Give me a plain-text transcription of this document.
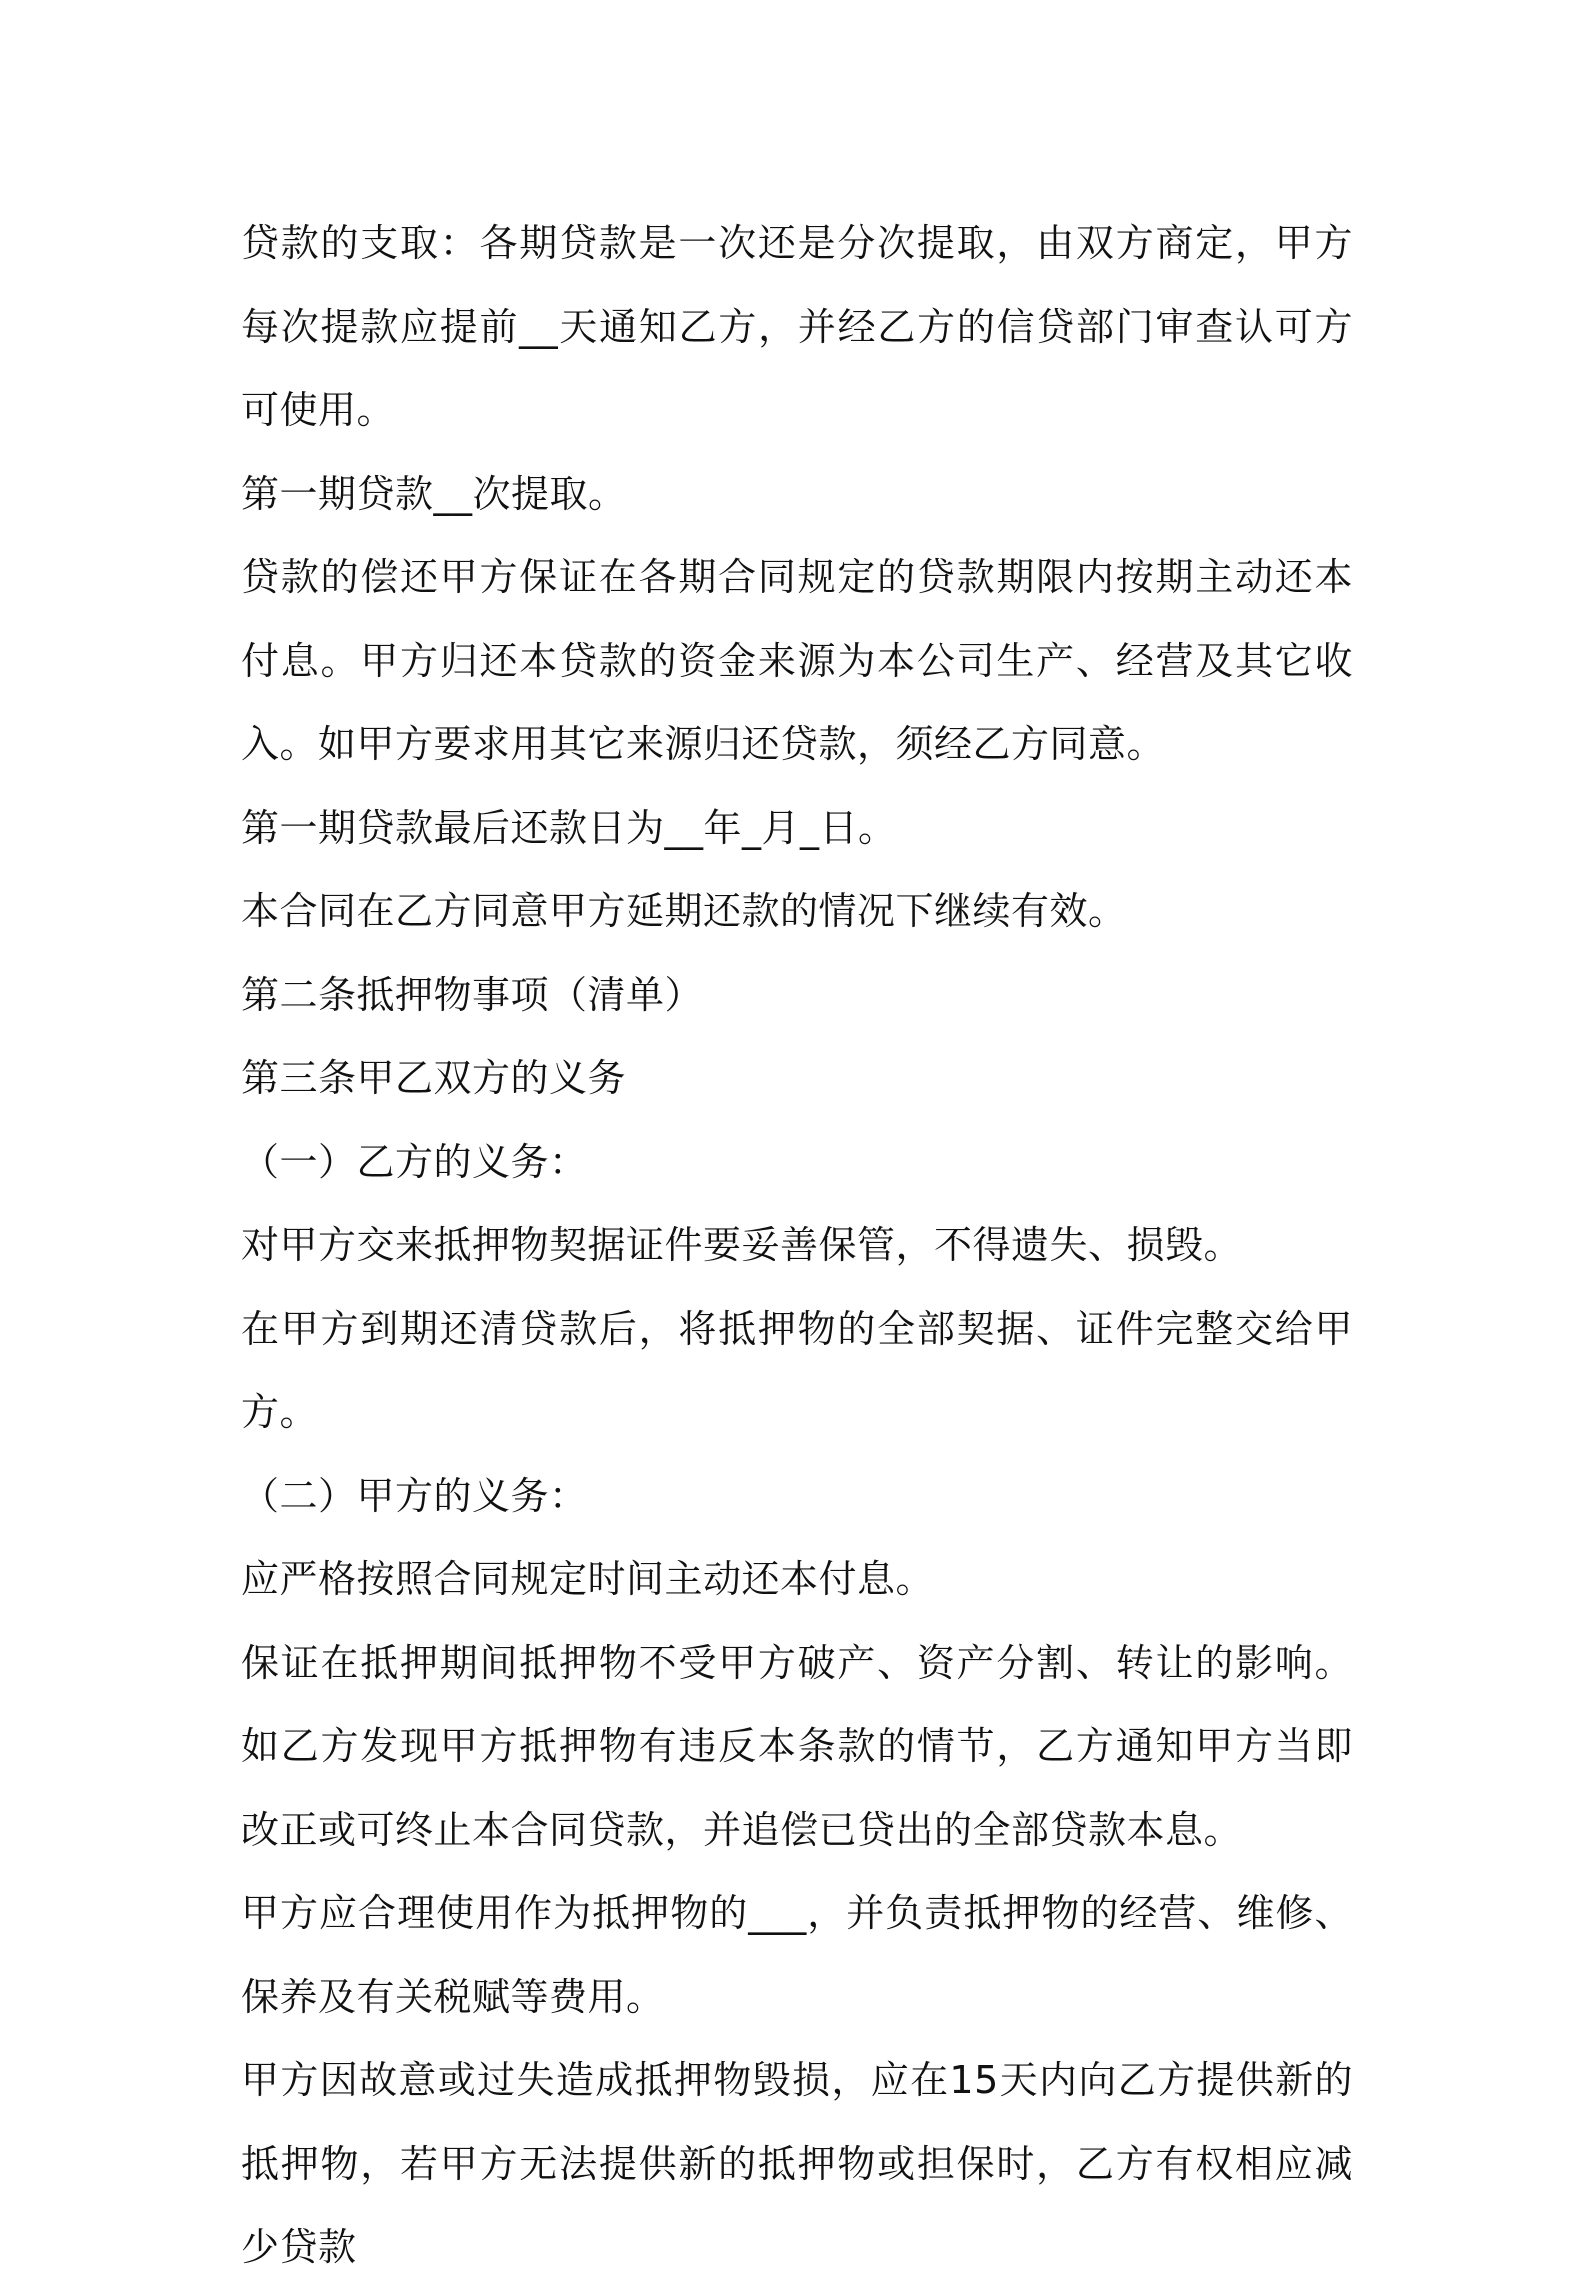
贷款的支取：各期贷款是一次还是分次提取，由双方商定，甲方每次提款应提前__天通知乙方，并经乙方的信贷部门审查认可方可使用。

第一期贷款__次提取。

贷款的偿还甲方保证在各期合同规定的贷款期限内按期主动还本付息。甲方归还本贷款的资金来源为本公司生产、经营及其它收入。如甲方要求用其它来源归还贷款，须经乙方同意。

第一期贷款最后还款日为__年_月_日。

本合同在乙方同意甲方延期还款的情况下继续有效。

第二条抵押物事项（清单）

第三条甲乙双方的义务

（一）乙方的义务：

对甲方交来抵押物契据证件要妥善保管，不得遗失、损毁。

在甲方到期还清贷款后，将抵押物的全部契据、证件完整交给甲方。

（二）甲方的义务：

应严格按照合同规定时间主动还本付息。

保证在抵押期间抵押物不受甲方破产、资产分割、转让的影响。如乙方发现甲方抵押物有违反本条款的情节，乙方通知甲方当即改正或可终止本合同贷款，并追偿已贷出的全部贷款本息。

甲方应合理使用作为抵押物的___，并负责抵押物的经营、维修、保养及有关税赋等费用。

甲方因故意或过失造成抵押物毁损，应在15天内向乙方提供新的抵押物，若甲方无法提供新的抵押物或担保时，乙方有权相应减少贷款
